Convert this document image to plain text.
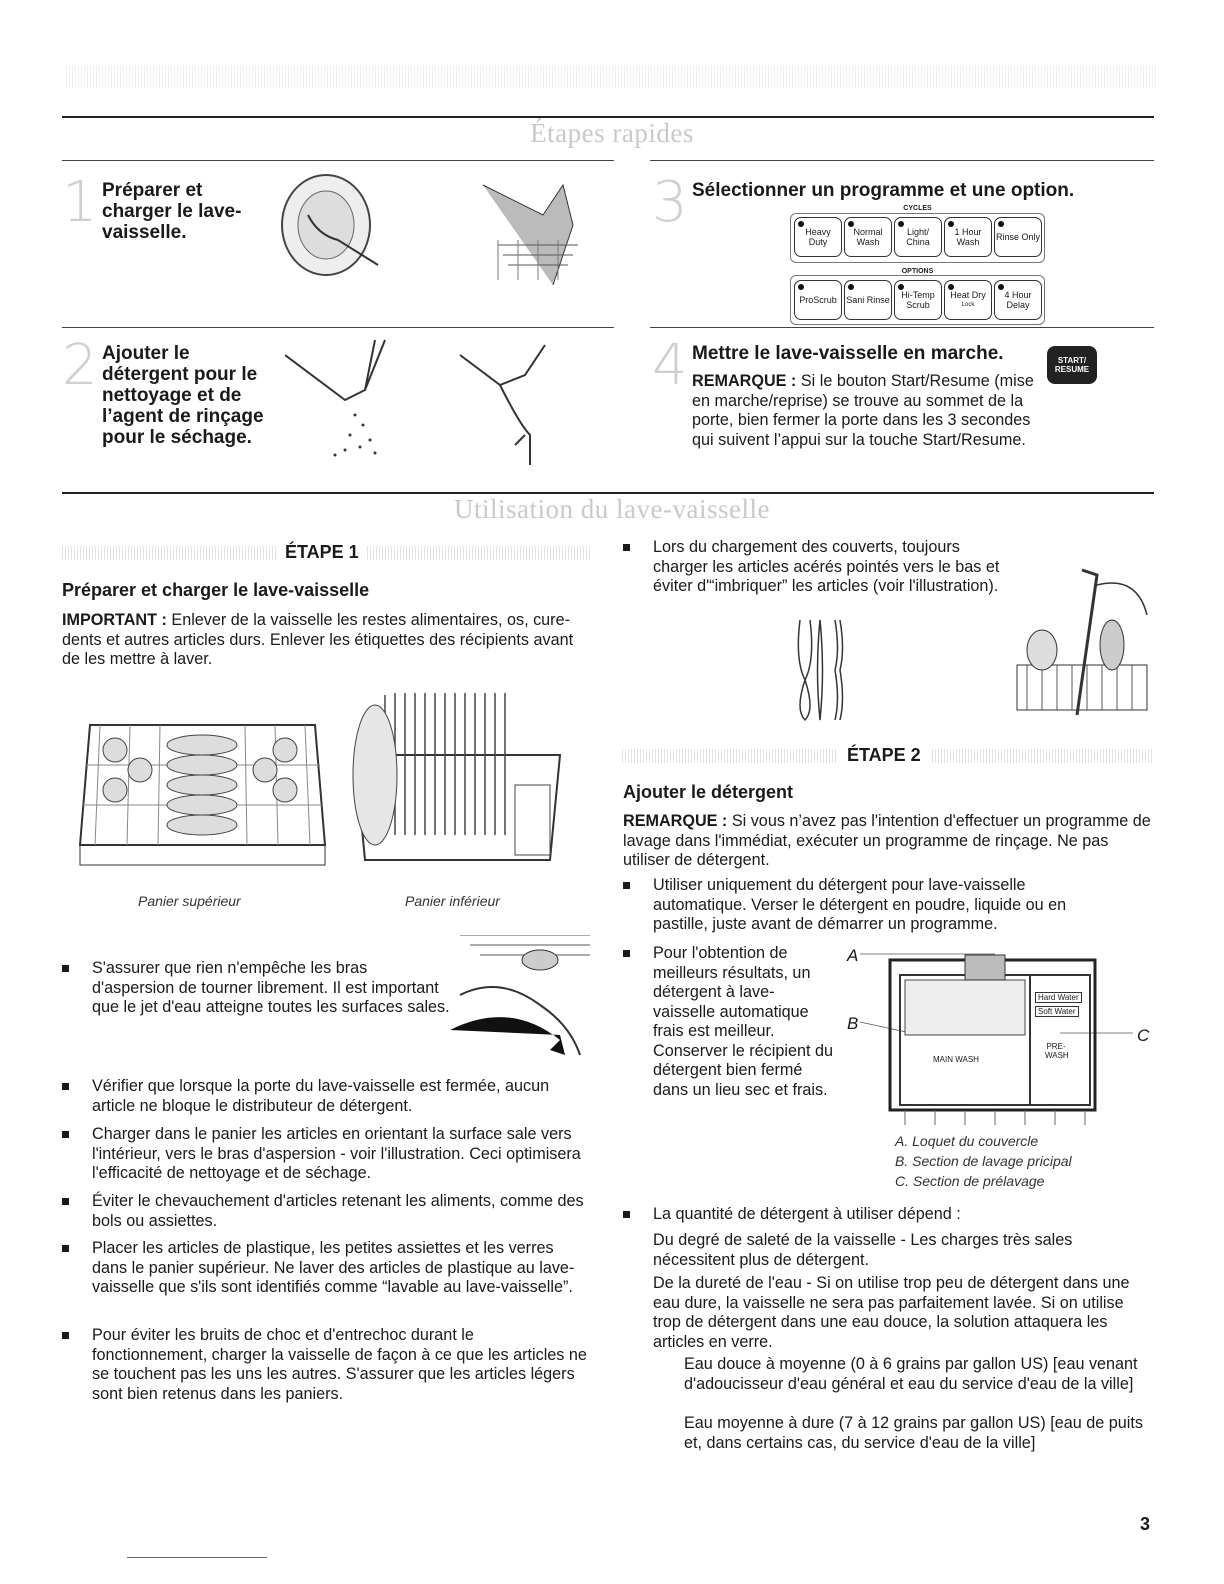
Étapes rapides
1 Préparer et charger le lave-vaisselle.	3 Sélectionner un programme et une option.
CYCLES
Heavy Duty
Normal Wash
Light/ China
1 Hour Wash	Rinse Only
OPTIONS
ProScrub	Sani Rinse	Hi-Temp Scrub
Heat Dry
Lock
4 Hour Delay
2 Ajouter le détergent pour le nettoyage et de l’agent de rinçage pour le séchage.
4 Mettre le lave-vaisselle en marche.
REMARQUE : Si le bouton Start/Resume (mise en marche/reprise) se trouve au sommet de la porte, bien fermer la porte dans les 3 secondes qui suivent l’appui sur la touche Start/Resume.
START/ RESUME
Utilisation du lave-vaisselle
ÉTAPE 1
Préparer et charger le lave-vaisselle
IMPORTANT : Enlever de la vaisselle les restes alimentaires, os, cure-dents et autres articles durs. Enlever les étiquettes des récipients avant de les mettre à laver.
Panier supérieur	Panier inférieur
S'assurer que rien n'empêche les bras d'aspersion de tourner librement. Il est important que le jet d'eau atteigne toutes les surfaces sales.
Vérifier que lorsque la porte du lave-vaisselle est fermée, aucun article ne bloque le distributeur de détergent.
Charger dans le panier les articles en orientant la surface sale vers l'intérieur, vers le bras d'aspersion - voir l'illustration. Ceci optimisera l'efficacité de nettoyage et de séchage.
Éviter le chevauchement d'articles retenant les aliments, comme des bols ou assiettes.
Placer les articles de plastique, les petites assiettes et les verres dans le panier supérieur. Ne laver des articles de plastique au lave-vaisselle que s'ils sont identifiés comme “lavable au lave-vaisselle”.
Pour éviter les bruits de choc et d'entrechoc durant le fonctionnement, charger la vaisselle de façon à ce que les articles ne se touchent pas les uns les autres. S'assurer que les articles légers sont bien retenus dans les paniers.
Lors du chargement des couverts, toujours charger les articles acérés pointés vers le bas et éviter d'“imbriquer” les articles (voir l'illustration).
ÉTAPE 2
Ajouter le détergent
REMARQUE : Si vous n’avez pas l'intention d'effectuer un programme de lavage dans l'immédiat, exécuter un programme de rinçage. Ne pas utiliser de détergent.
Utiliser uniquement du détergent pour lave-vaisselle automatique. Verser le détergent en poudre, liquide ou en pastille, juste avant de démarrer un programme.
Pour l'obtention de meilleurs résultats, un détergent à lave-vaisselle automatique frais est meilleur. Conserver le récipient du détergent bien fermé dans un lieu sec et frais.
A
B
C
Hard Water
Soft Water
MAIN WASH
PRE- WASH
A. Loquet du couvercle
B. Section de lavage pricipal
C. Section de prélavage
La quantité de détergent à utiliser dépend :
Du degré de saleté de la vaisselle - Les charges très sales nécessitent plus de détergent.
De la dureté de l'eau - Si on utilise trop peu de détergent dans une eau dure, la vaisselle ne sera pas parfaitement lavée. Si on utilise trop de détergent dans une eau douce, la solution attaquera les articles en verre.
Eau douce à moyenne (0 à 6 grains par gallon US) [eau venant d'adoucisseur d'eau général et eau du service d'eau de la ville]
Eau moyenne à dure (7 à 12 grains par gallon US) [eau de puits et, dans certains cas, du service d'eau de la ville]
3
